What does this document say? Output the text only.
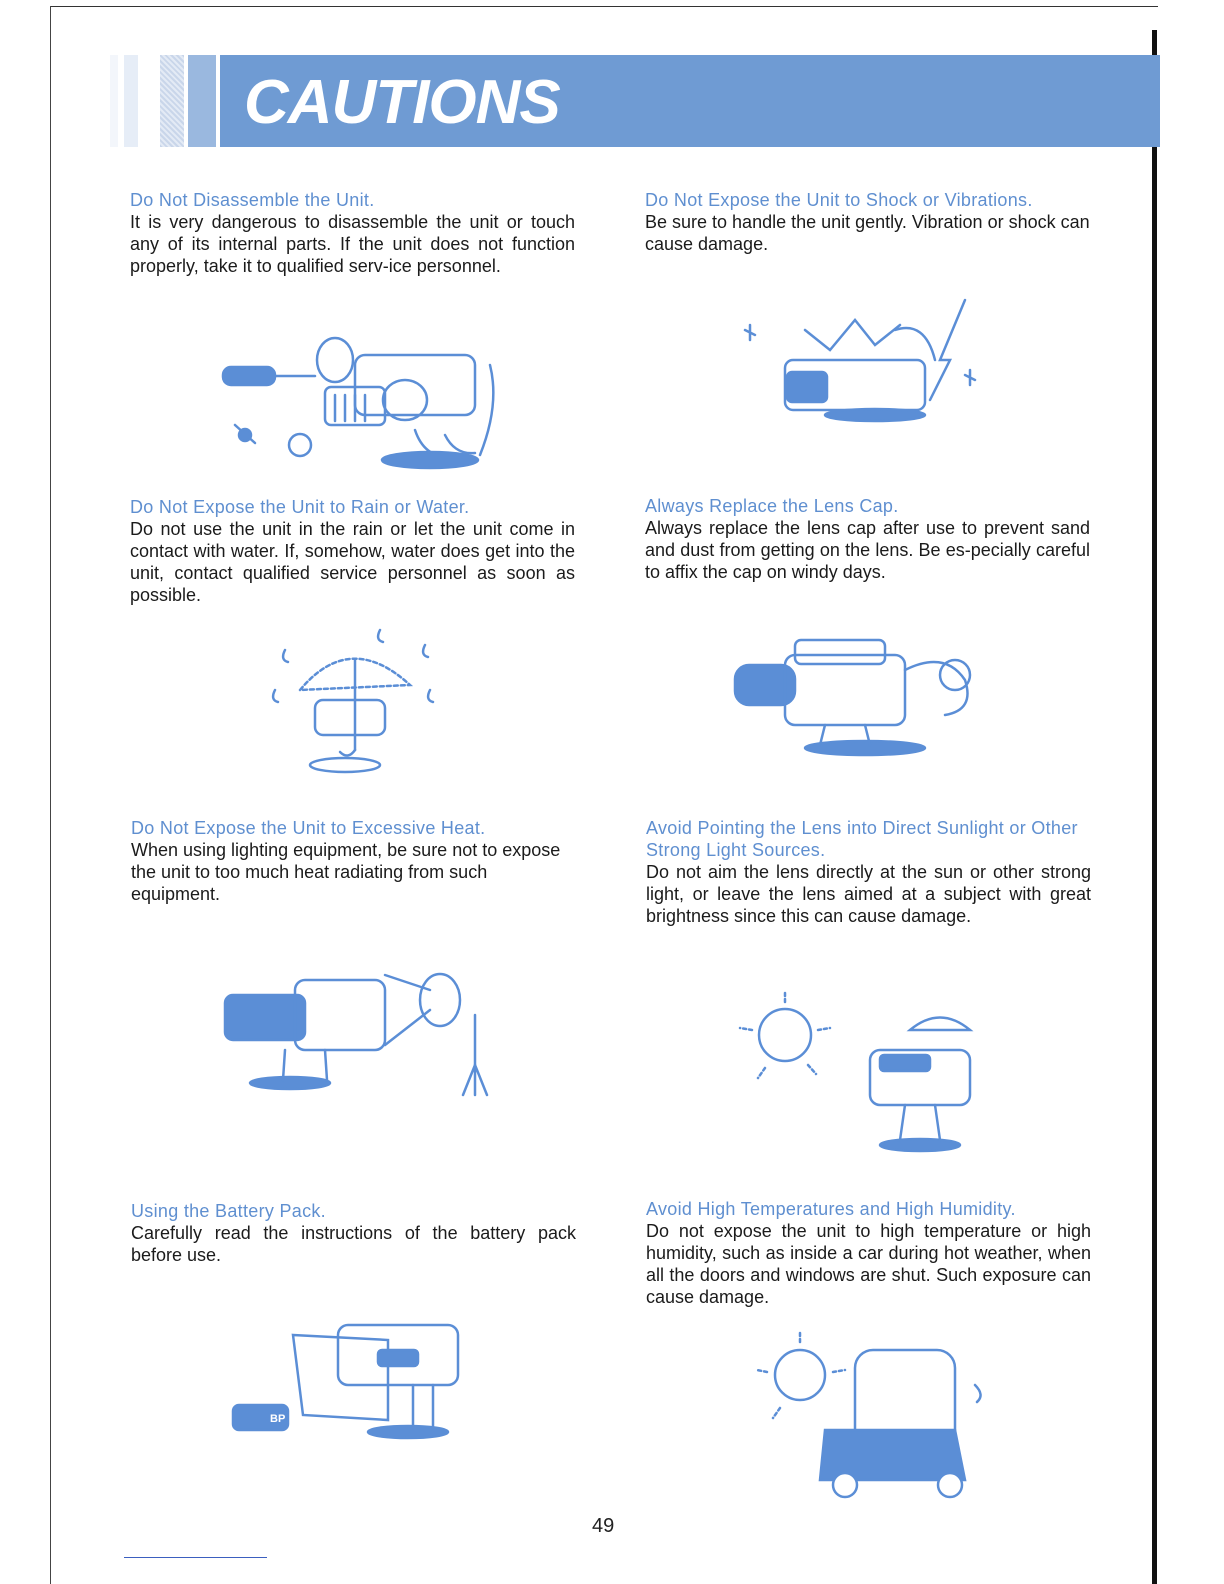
CAUTIONS
Do Not Disassemble the Unit.
It is very dangerous to disassemble the unit or touch any of its internal parts. If the unit does not function properly, take it to qualified serv-ice personnel.
Do Not Expose the Unit to Shock or Vibrations.
Be sure to handle the unit gently. Vibration or shock can cause damage.
Do Not Expose the Unit to Rain or Water.
Do not use the unit in the rain or let the unit come in contact with water. If, somehow, water does get into the unit, contact qualified service personnel as soon as possible.
Always Replace the Lens Cap.
Always replace the lens cap after use to prevent sand and dust from getting on the lens. Be es-pecially careful to affix the cap on windy days.
Do Not Expose the Unit to Excessive Heat.
When using lighting equipment, be sure not to expose the unit to too much heat radiating from such equipment.
Avoid Pointing the Lens into Direct Sunlight or Other Strong Light Sources.
Do not aim the lens directly at the sun or other strong light, or leave the lens aimed at a subject with great brightness since this can cause damage.
Using the Battery Pack.
Carefully read the instructions of the battery pack before use.
BP
Avoid High Temperatures and High Humidity.
Do not expose the unit to high temperature or high humidity, such as inside a car during hot weather, when all the doors and windows are shut. Such exposure can cause damage.
49
